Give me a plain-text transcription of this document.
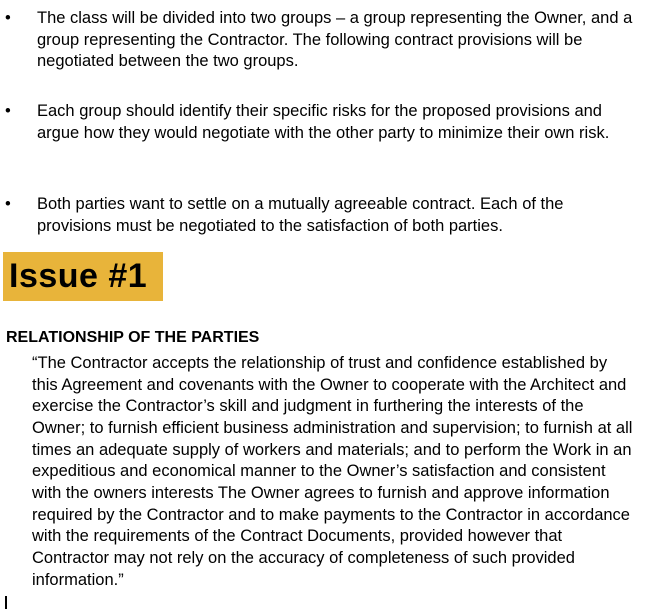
• The class will be divided into two groups – a group representing the Owner, and a group representing the Contractor. The following contract provisions will be negotiated between the two groups.
• Each group should identify their specific risks for the proposed provisions and argue how they would negotiate with the other party to minimize their own risk.
• Both parties want to settle on a mutually agreeable contract. Each of the provisions must be negotiated to the satisfaction of both parties.
Issue #1
RELATIONSHIP OF THE PARTIES

“The Contractor accepts the relationship of trust and confidence established by this Agreement and covenants with the Owner to cooperate with the Architect and exercise the Contractor’s skill and judgment in furthering the interests of the Owner; to furnish efficient business administration and supervision; to furnish at all times an adequate supply of workers and materials; and to perform the Work in an expeditious and economical manner to the Owner’s satisfaction and consistent with the owners interests The Owner agrees to furnish and approve information required by the Contractor and to make payments to the Contractor in accordance with the requirements of the Contract Documents, provided however that Contractor may not rely on the accuracy of completeness of such provided information.”
